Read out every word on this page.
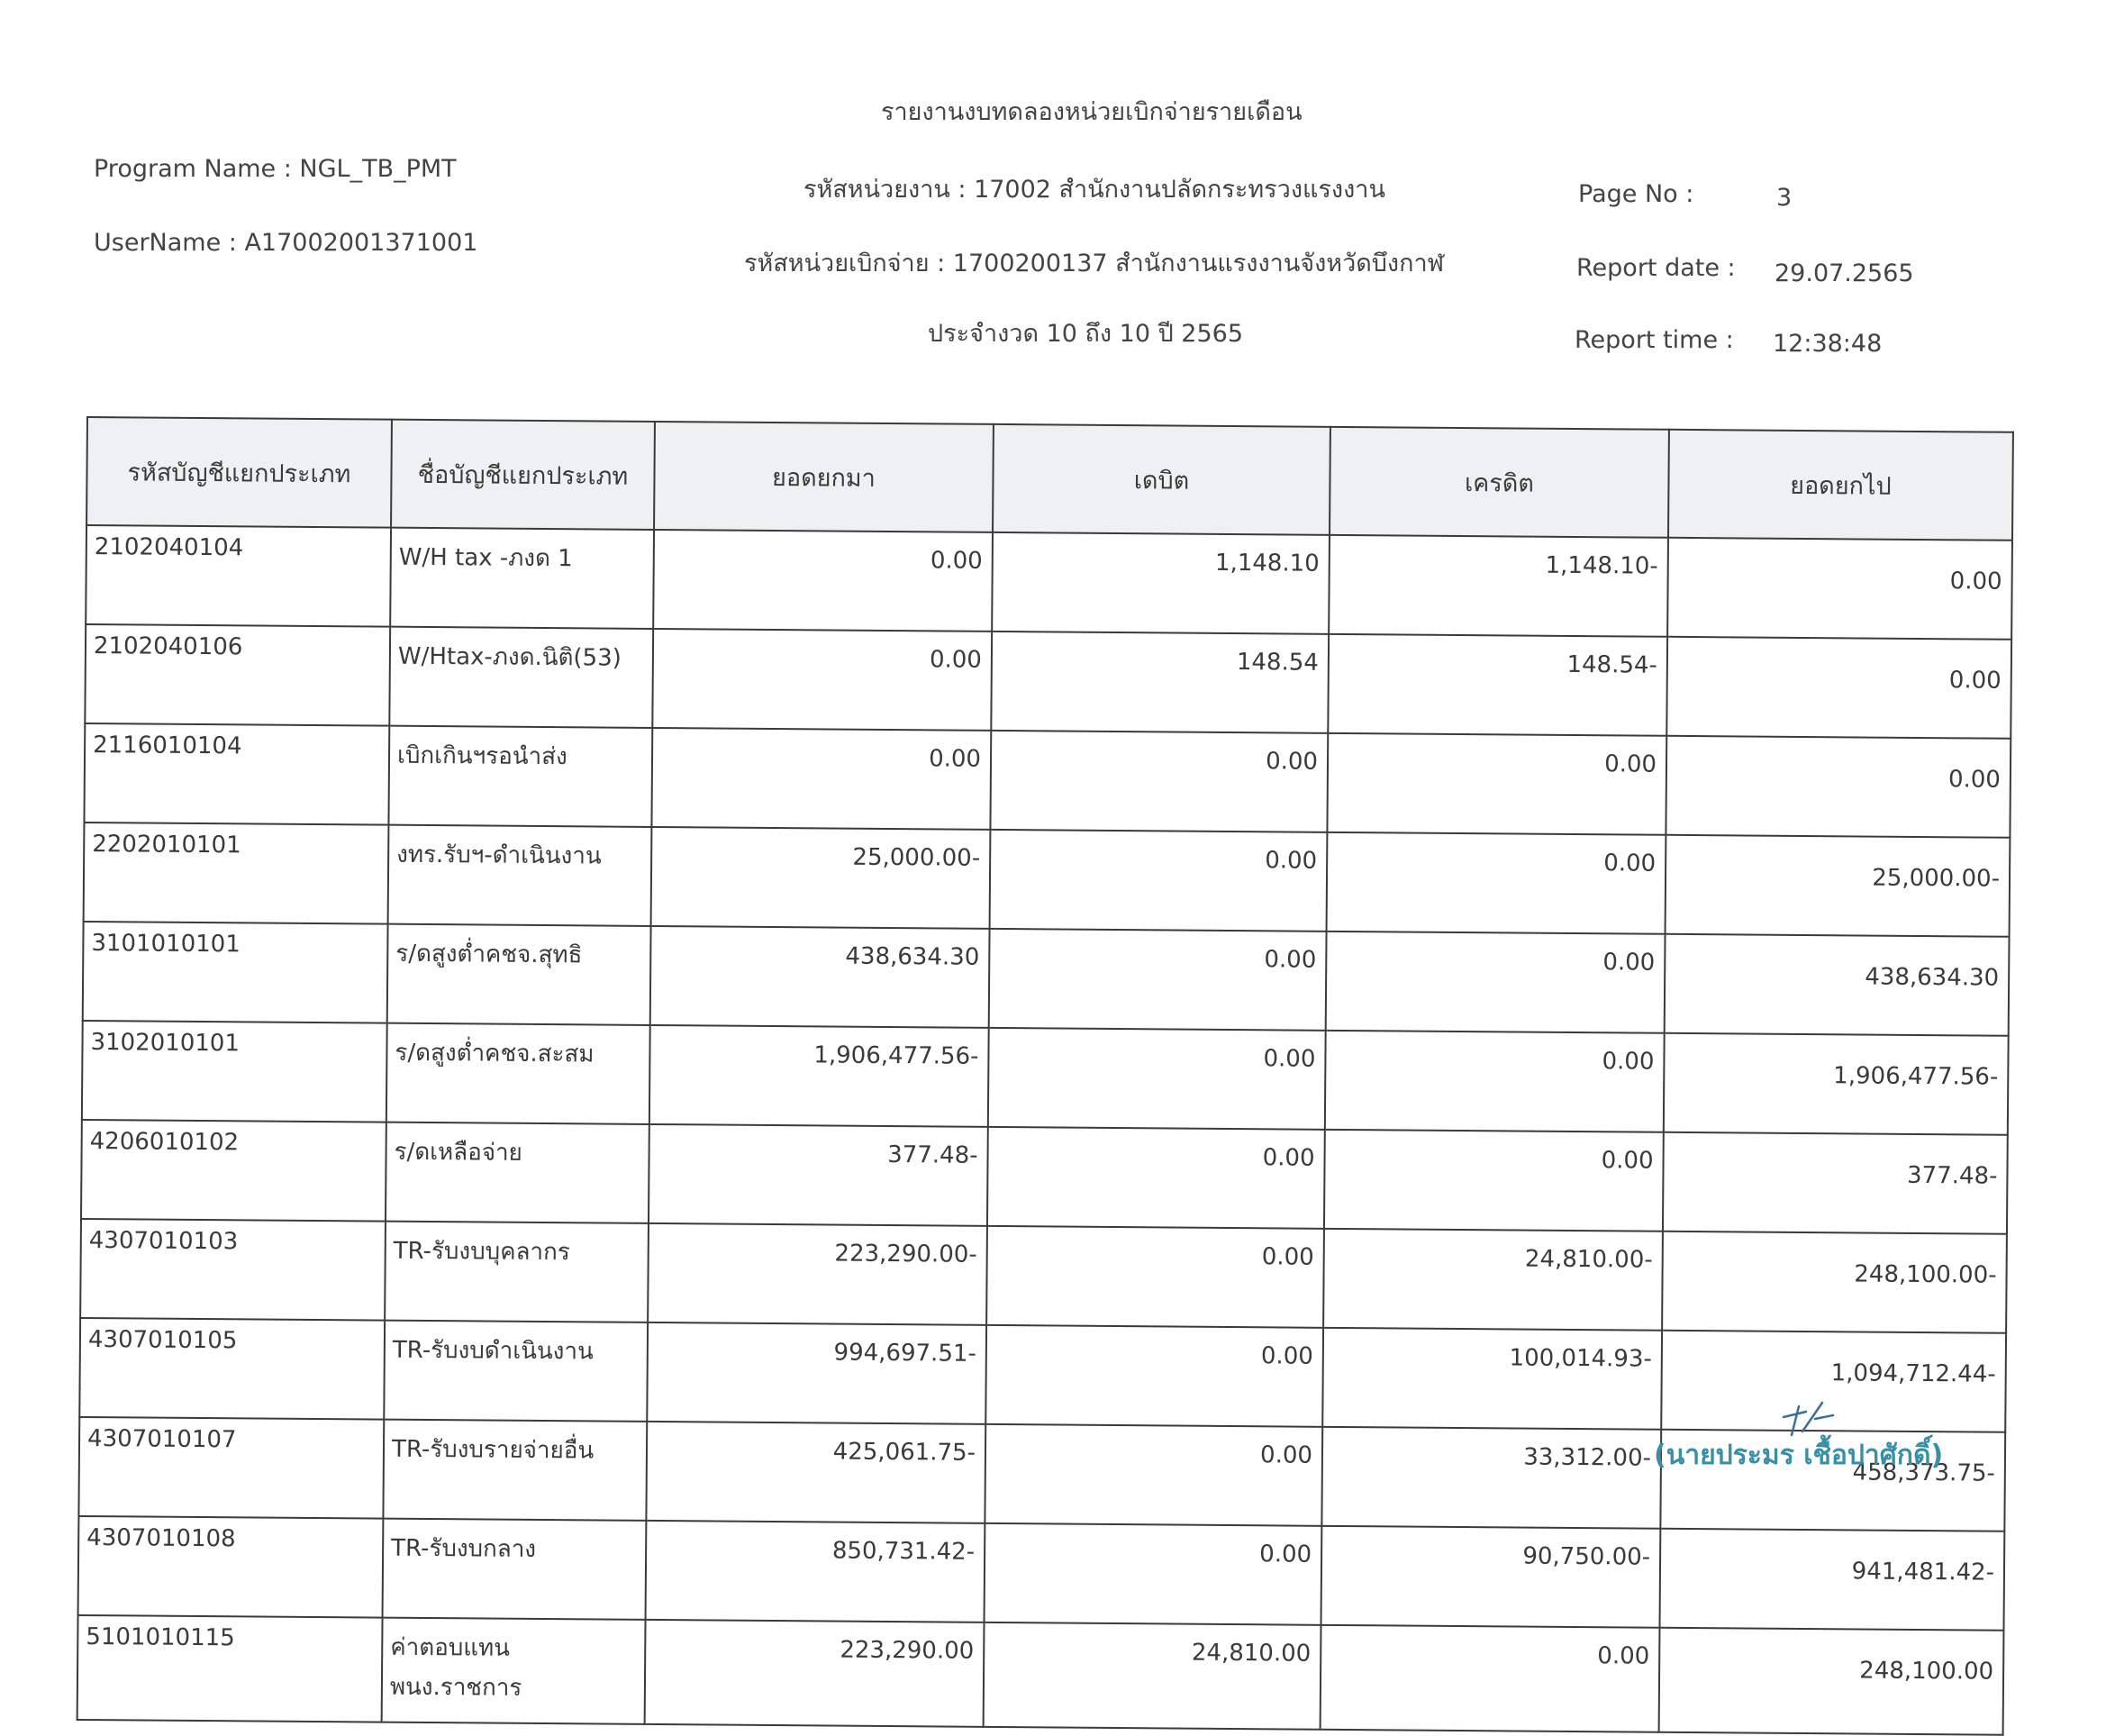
รายงานงบทดลองหน่วยเบิกจ่ายรายเดือน
Program Name : NGL_TB_PMT
รหัสหน่วยงาน : 17002 สำนักงานปลัดกระทรวงแรงงาน
UserName : A17002001371001
รหัสหน่วยเบิกจ่าย : 1700200137 สำนักงานแรงงานจังหวัดบึงกาฬ
ประจำงวด 10 ถึง 10 ปี 2565
Page No :	3
Report date : 29.07.2565
Report time : 12:38:48
รหัสบัญชีแยกประเภท	ชื่อบัญชีแยกประเภท	ยอดยกมา	เดบิต	เครดิต	ยอดยกไป
2102040104	W/H tax -ภงด 1	0.00	1,148.10	1,148.10-	0.00
2102040106	W/Htax-ภงด.นิติ(53)	0.00	148.54	148.54-	0.00
2116010104	เบิกเกินฯรอนำส่ง	0.00	0.00	0.00	0.00
2202010101	งทร.รับฯ-ดำเนินงาน	25,000.00-	0.00	0.00	25,000.00-
3101010101	ร/ดสูงต่ำคชจ.สุทธิ	438,634.30	0.00	0.00	438,634.30
3102010101	ร/ดสูงต่ำคชจ.สะสม	1,906,477.56-	0.00	0.00	1,906,477.56-
4206010102	ร/ดเหลือจ่าย	377.48-	0.00	0.00	377.48-
4307010103	TR-รับงบบุคลากร	223,290.00-	0.00	24,810.00-	248,100.00-
4307010105	TR-รับงบดำเนินงาน	994,697.51-	0.00	100,014.93-	1,094,712.44-
4307010107	TR-รับงบรายจ่ายอื่น	425,061.75-	0.00	33,312.00-	458,373.75-
4307010108	TR-รับงบกลาง	850,731.42-	0.00	90,750.00-	941,481.42-
5101010115	ค่าตอบแทนพนง.ราชการ	223,290.00	24,810.00	0.00	248,100.00
(นายประมร เชื้อปาศักดิ์)
